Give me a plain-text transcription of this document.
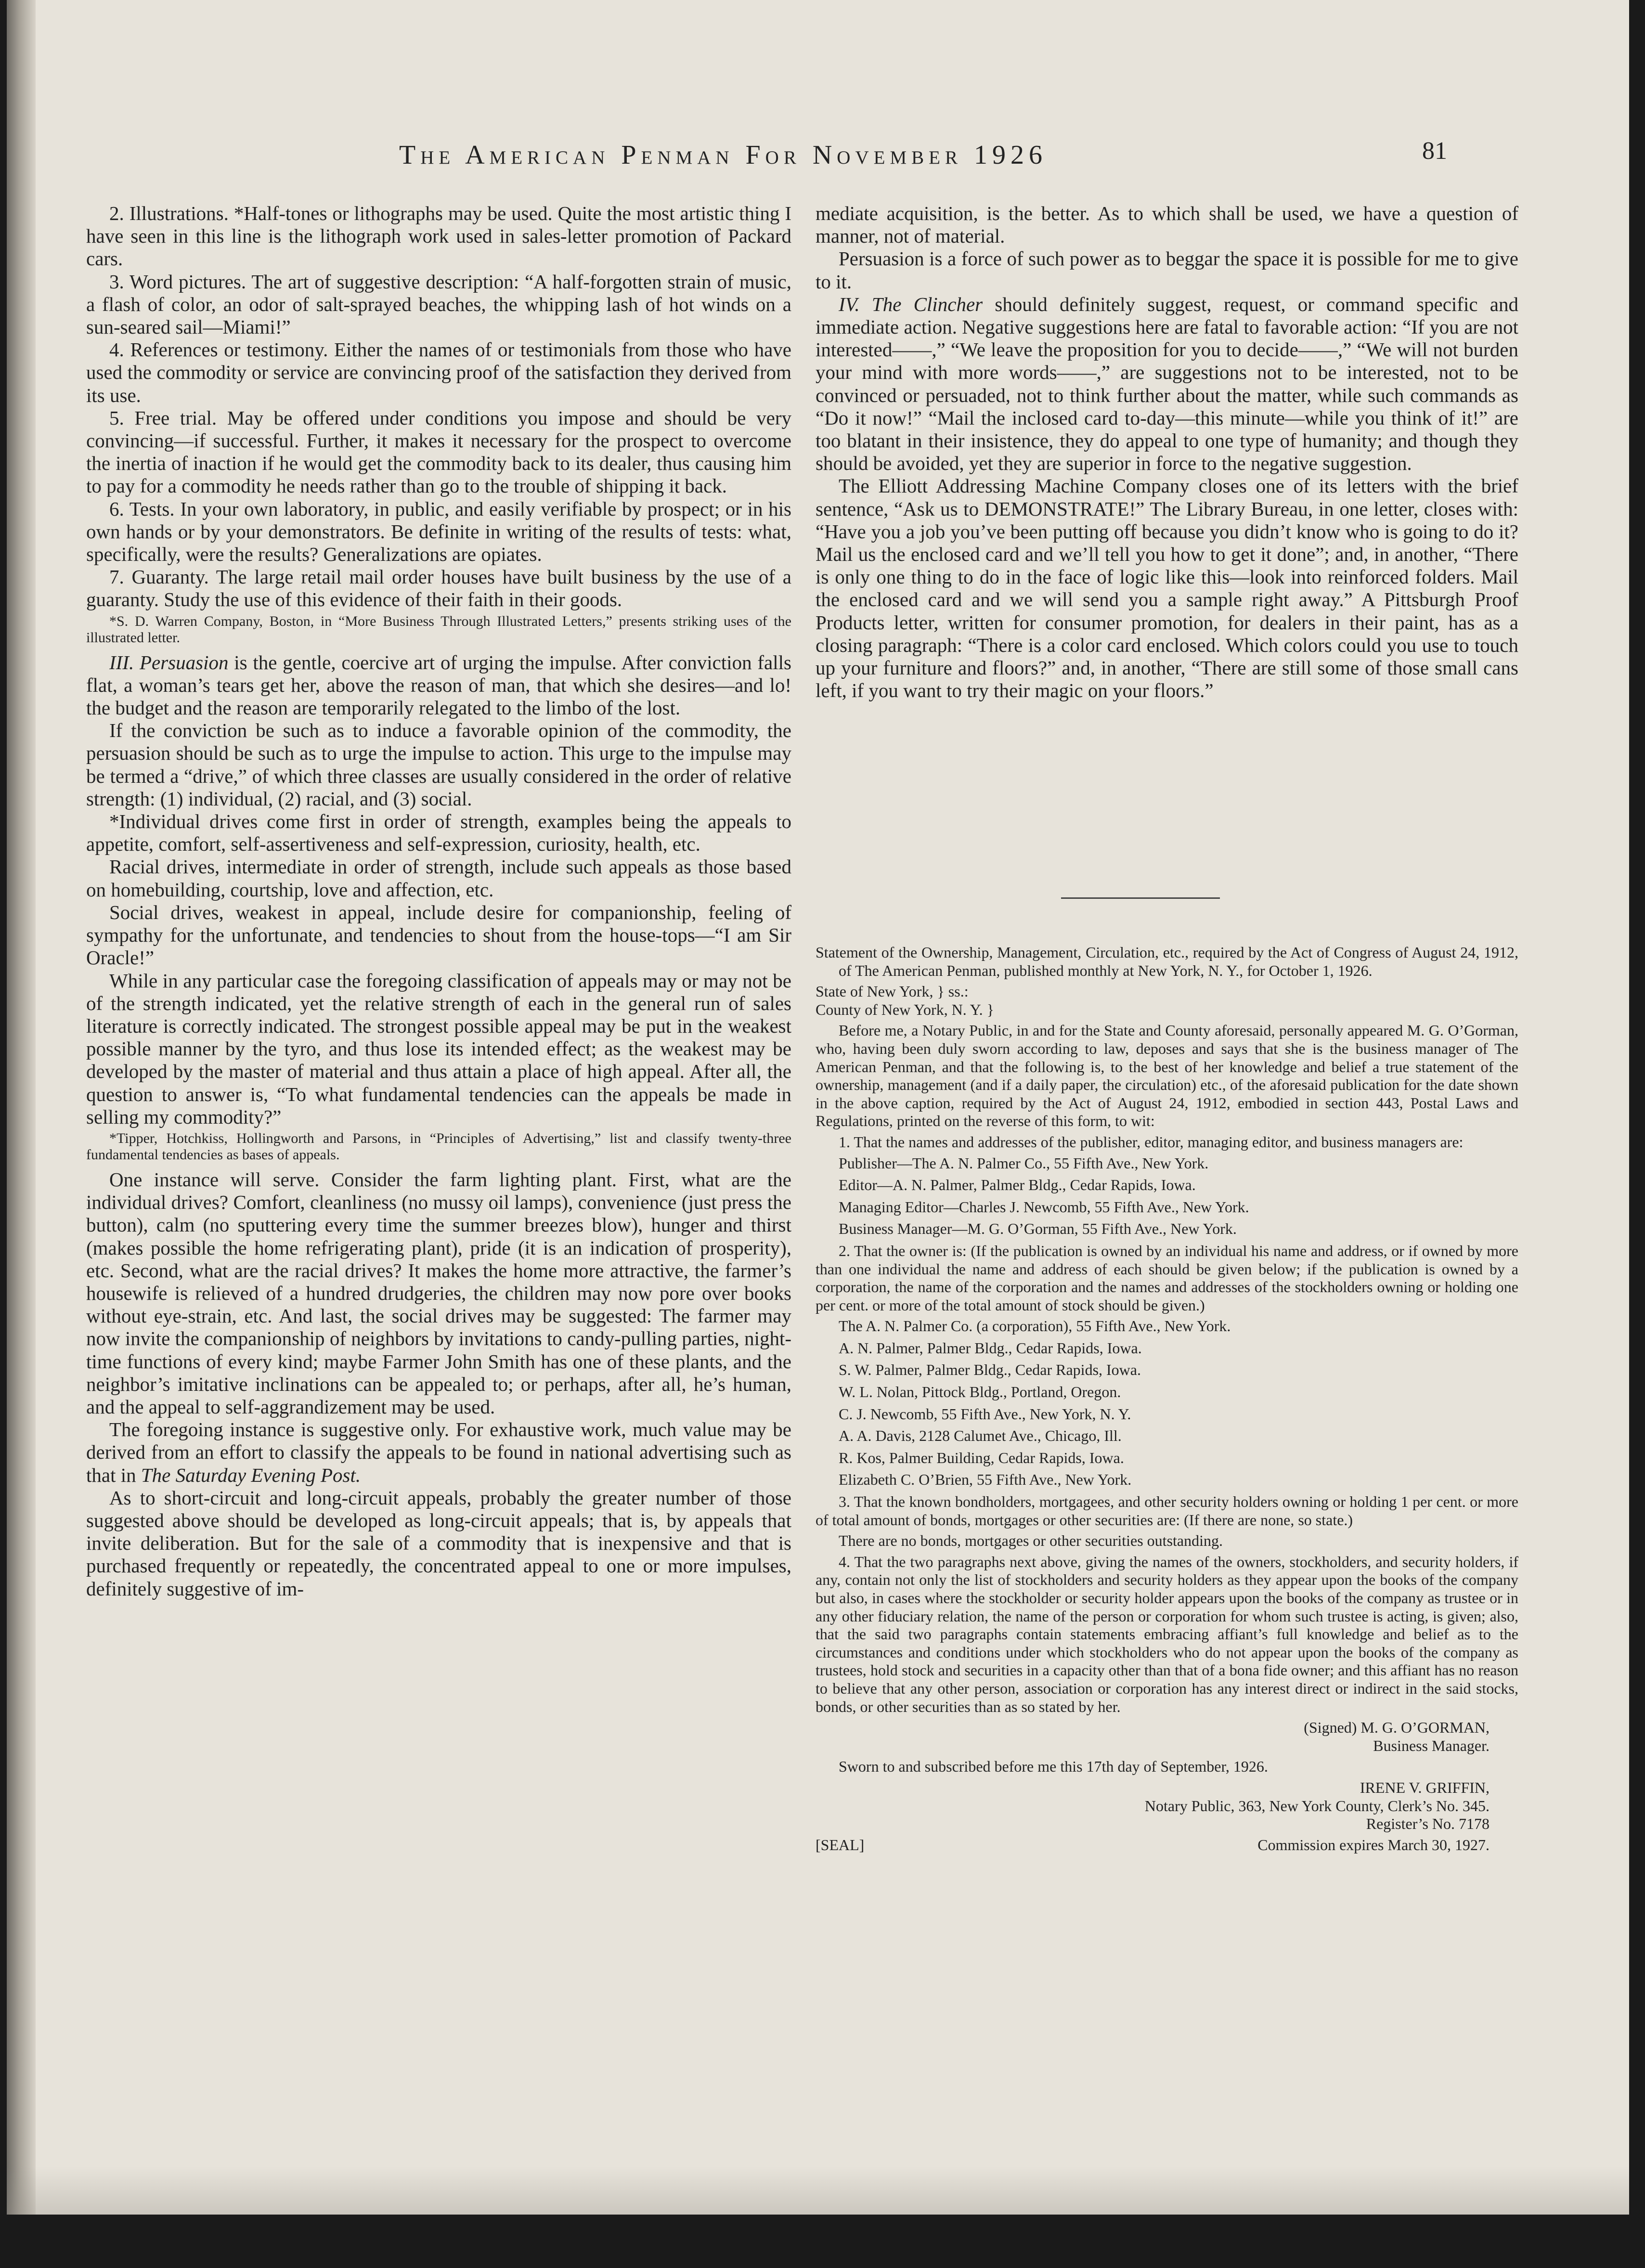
The American Penman For November 1926	81

2. Illustrations. *Half-tones or lithographs may be used. Quite the most artistic thing I have seen in this line is the lithograph work used in sales-letter promotion of Packard cars.

3. Word pictures. The art of suggestive description: “A half-forgotten strain of music, a flash of color, an odor of salt-sprayed beaches, the whipping lash of hot winds on a sun-seared sail—Miami!”

4. References or testimony. Either the names of or testimonials from those who have used the commodity or service are convincing proof of the satisfaction they derived from its use.

5. Free trial. May be offered under conditions you impose and should be very convincing—if successful. Further, it makes it necessary for the prospect to overcome the inertia of inaction if he would get the commodity back to its dealer, thus causing him to pay for a commodity he needs rather than go to the trouble of shipping it back.

6. Tests. In your own laboratory, in public, and easily verifiable by prospect; or in his own hands or by your demonstrators. Be definite in writing of the results of tests: what, specifically, were the results? Generalizations are opiates.

7. Guaranty. The large retail mail order houses have built business by the use of a guaranty. Study the use of this evidence of their faith in their goods.

*S. D. Warren Company, Boston, in “More Business Through Illustrated Letters,” presents striking uses of the illustrated letter.

III. Persuasion is the gentle, coercive art of urging the impulse. After conviction falls flat, a woman’s tears get her, above the reason of man, that which she desires—and lo! the budget and the reason are temporarily relegated to the limbo of the lost.

If the conviction be such as to induce a favorable opinion of the commodity, the persuasion should be such as to urge the impulse to action. This urge to the impulse may be termed a “drive,” of which three classes are usually considered in the order of relative strength: (1) individual, (2) racial, and (3) social.

*Individual drives come first in order of strength, examples being the appeals to appetite, comfort, self-assertiveness and self-expression, curiosity, health, etc.

Racial drives, intermediate in order of strength, include such appeals as those based on homebuilding, courtship, love and affection, etc.

Social drives, weakest in appeal, include desire for companionship, feeling of sympathy for the unfortunate, and tendencies to shout from the house-tops—“I am Sir Oracle!”

While in any particular case the foregoing classification of appeals may or may not be of the strength indicated, yet the relative strength of each in the general run of sales literature is correctly indicated. The strongest possible appeal may be put in the weakest possible manner by the tyro, and thus lose its intended effect; as the weakest may be developed by the master of material and thus attain a place of high appeal. After all, the question to answer is, “To what fundamental tendencies can the appeals be made in selling my commodity?”

*Tipper, Hotchkiss, Hollingworth and Parsons, in “Principles of Advertising,” list and classify twenty-three fundamental tendencies as bases of appeals.

One instance will serve. Consider the farm lighting plant. First, what are the individual drives? Comfort, cleanliness (no mussy oil lamps), convenience (just press the button), calm (no sputtering every time the summer breezes blow), hunger and thirst (makes possible the home refrigerating plant), pride (it is an indication of prosperity), etc. Second, what are the racial drives? It makes the home more attractive, the farmer’s housewife is relieved of a hundred drudgeries, the children may now pore over books without eye-strain, etc. And last, the social drives may be suggested: The farmer may now invite the companionship of neighbors by invitations to candy-pulling parties, night-time functions of every kind; maybe Farmer John Smith has one of these plants, and the neighbor’s imitative inclinations can be appealed to; or perhaps, after all, he’s human, and the appeal to self-aggrandizement may be used.

The foregoing instance is suggestive only. For exhaustive work, much value may be derived from an effort to classify the appeals to be found in national advertising such as that in The Saturday Evening Post.

As to short-circuit and long-circuit appeals, probably the greater number of those suggested above should be developed as long-circuit appeals; that is, by appeals that invite deliberation. But for the sale of a commodity that is inexpensive and that is purchased frequently or repeatedly, the concentrated appeal to one or more impulses, definitely suggestive of im-

mediate acquisition, is the better. As to which shall be used, we have a question of manner, not of material.

Persuasion is a force of such power as to beggar the space it is possible for me to give to it.

IV. The Clincher should definitely suggest, request, or command specific and immediate action. Negative suggestions here are fatal to favorable action: “If you are not interested——,” “We leave the proposition for you to decide——,” “We will not burden your mind with more words——,” are suggestions not to be interested, not to be convinced or persuaded, not to think further about the matter, while such commands as “Do it now!” “Mail the inclosed card to-day—this minute—while you think of it!” are too blatant in their insistence, they do appeal to one type of humanity; and though they should be avoided, yet they are superior in force to the negative suggestion.

The Elliott Addressing Machine Company closes one of its letters with the brief sentence, “Ask us to DEMONSTRATE!” The Library Bureau, in one letter, closes with: “Have you a job you’ve been putting off because you didn’t know who is going to do it? Mail us the enclosed card and we’ll tell you how to get it done”; and, in another, “There is only one thing to do in the face of logic like this—look into reinforced folders. Mail the enclosed card and we will send you a sample right away.” A Pittsburgh Proof Products letter, written for consumer promotion, for dealers in their paint, has as a closing paragraph: “There is a color card enclosed. Which colors could you use to touch up your furniture and floors?” and, in another, “There are still some of those small cans left, if you want to try their magic on your floors.”

Statement of the Ownership, Management, Circulation, etc., required by the Act of Congress of August 24, 1912, of The American Penman, published monthly at New York, N. Y., for October 1, 1926.

State of New York, } ss.:
County of New York, N. Y. }

Before me, a Notary Public, in and for the State and County aforesaid, personally appeared M. G. O’Gorman, who, having been duly sworn according to law, deposes and says that she is the business manager of The American Penman, and that the following is, to the best of her knowledge and belief a true statement of the ownership, management (and if a daily paper, the circulation) etc., of the aforesaid publication for the date shown in the above caption, required by the Act of August 24, 1912, embodied in section 443, Postal Laws and Regulations, printed on the reverse of this form, to wit:

1. That the names and addresses of the publisher, editor, managing editor, and business managers are:

Publisher—The A. N. Palmer Co., 55 Fifth Ave., New York.

Editor—A. N. Palmer, Palmer Bldg., Cedar Rapids, Iowa.

Managing Editor—Charles J. Newcomb, 55 Fifth Ave., New York.

Business Manager—M. G. O’Gorman, 55 Fifth Ave., New York.

2. That the owner is: (If the publication is owned by an individual his name and address, or if owned by more than one individual the name and address of each should be given below; if the publication is owned by a corporation, the name of the corporation and the names and addresses of the stockholders owning or holding one per cent. or more of the total amount of stock should be given.)

The A. N. Palmer Co. (a corporation), 55 Fifth Ave., New York.

A. N. Palmer, Palmer Bldg., Cedar Rapids, Iowa.

S. W. Palmer, Palmer Bldg., Cedar Rapids, Iowa.

W. L. Nolan, Pittock Bldg., Portland, Oregon.

C. J. Newcomb, 55 Fifth Ave., New York, N. Y.

A. A. Davis, 2128 Calumet Ave., Chicago, Ill.

R. Kos, Palmer Building, Cedar Rapids, Iowa.

Elizabeth C. O’Brien, 55 Fifth Ave., New York.

3. That the known bondholders, mortgagees, and other security holders owning or holding 1 per cent. or more of total amount of bonds, mortgages or other securities are: (If there are none, so state.)

There are no bonds, mortgages or other securities outstanding.

4. That the two paragraphs next above, giving the names of the owners, stockholders, and security holders, if any, contain not only the list of stockholders and security holders as they appear upon the books of the company but also, in cases where the stockholder or security holder appears upon the books of the company as trustee or in any other fiduciary relation, the name of the person or corporation for whom such trustee is acting, is given; also, that the said two paragraphs contain statements embracing affiant’s full knowledge and belief as to the circumstances and conditions under which stockholders who do not appear upon the books of the company as trustees, hold stock and securities in a capacity other than that of a bona fide owner; and this affiant has no reason to believe that any other person, association or corporation has any interest direct or indirect in the said stocks, bonds, or other securities than as so stated by her.

(Signed) M. G. O’GORMAN,
Business Manager.

Sworn to and subscribed before me this 17th day of September, 1926.

IRENE V. GRIFFIN,
Notary Public, 363, New York County, Clerk’s No. 345.
Register’s No. 7178

[SEAL]	Commission expires March 30, 1927.
